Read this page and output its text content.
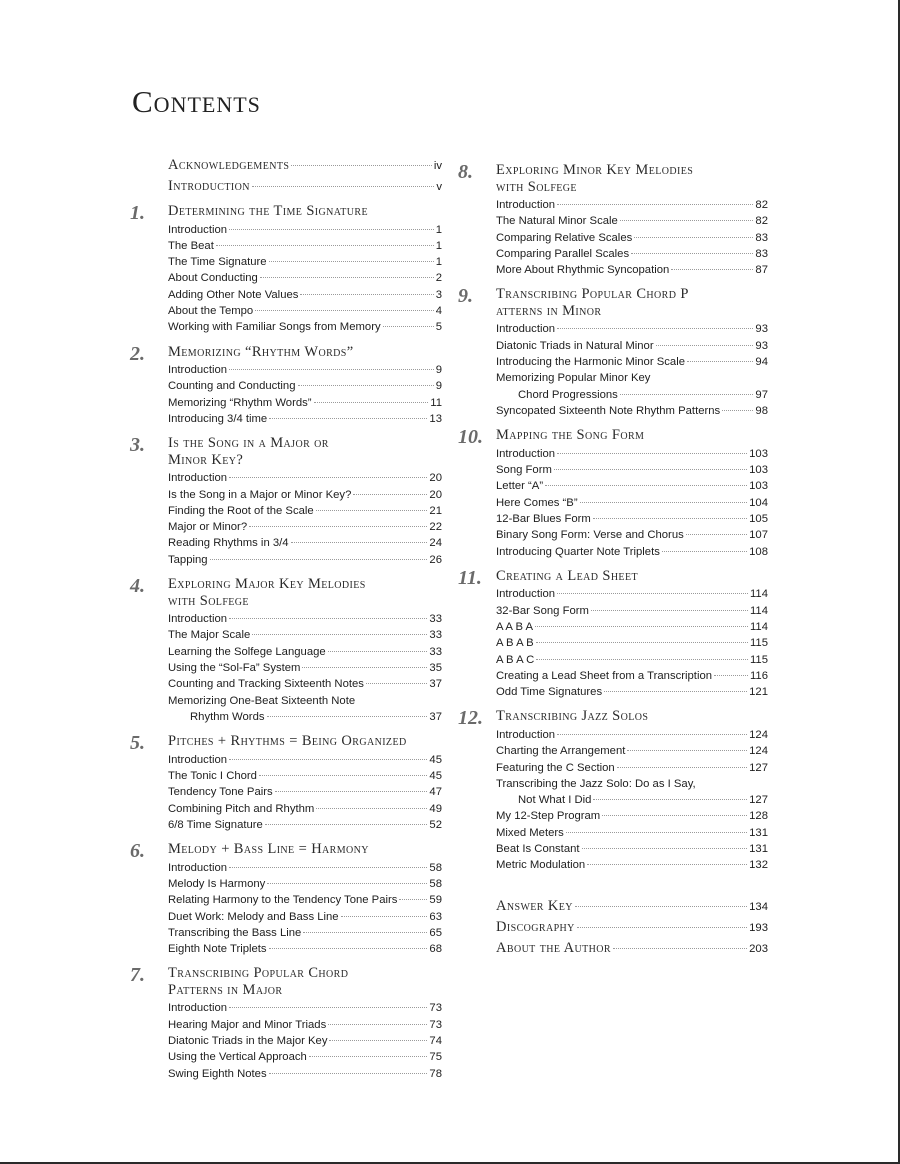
Contents
Acknowledgements	iv
Introduction	v
1.	Determining the Time Signature
Introduction	1
The Beat	1
The Time Signature	1
About Conducting	2
Adding Other Note Values	3
About the Tempo	4
Working with Familiar Songs from Memory	5
2.	Memorizing “Rhythm Words”
Introduction	9
Counting and Conducting	9
Memorizing “Rhythm Words”	11
Introducing 3/4 time	13
3.	Is the Song in a Major or
Minor Key?
Introduction	20
Is the Song in a Major or Minor Key?	20
Finding the Root of the Scale	21
Major or Minor?	22
Reading Rhythms in 3/4	24
Tapping	26
4.	Exploring Major Key Melodies
with Solfege
Introduction	33
The Major Scale	33
Learning the Solfege Language	33
Using the “Sol-Fa” System	35
Counting and Tracking Sixteenth Notes	37
Memorizing One-Beat Sixteenth Note
Rhythm Words	37
5.	Pitches + Rhythms = Being Organized
Introduction	45
The Tonic I Chord	45
Tendency Tone Pairs	47
Combining Pitch and Rhythm	49
6/8 Time Signature	52
6.	Melody + Bass Line = Harmony
Introduction	58
Melody Is Harmony	58
Relating Harmony to the Tendency Tone Pairs	59
Duet Work: Melody and Bass Line	63
Transcribing the Bass Line	65
Eighth Note Triplets	68
7.	Transcribing Popular Chord
Patterns in Major
Introduction	73
Hearing Major and Minor Triads	73
Diatonic Triads in the Major Key	74
Using the Vertical Approach	75
Swing Eighth Notes	78
8.	Exploring Minor Key Melodies
with Solfege
Introduction	82
The Natural Minor Scale	82
Comparing Relative Scales	83
Comparing Parallel Scales	83
More About Rhythmic Syncopation	87
9.	Transcribing Popular Chord P
atterns in Minor
Introduction	93
Diatonic Triads in Natural Minor	93
Introducing the Harmonic Minor Scale	94
Memorizing Popular Minor Key
Chord Progressions	97
Syncopated Sixteenth Note Rhythm Patterns	98
10. Mapping the Song Form
Introduction	103
Song Form	103
Letter “A”	103
Here Comes “B”	104
12-Bar Blues Form	105
Binary Song Form: Verse and Chorus	107
Introducing Quarter Note Triplets	108
11. Creating a Lead Sheet
Introduction	114
32-Bar Song Form	114
A A B A	114
A B A B	115
A B A C	115
Creating a Lead Sheet from a Transcription	116
Odd Time Signatures	121
12. Transcribing Jazz Solos
Introduction	124
Charting the Arrangement	124
Featuring the C Section	127
Transcribing the Jazz Solo: Do as I Say,
Not What I Did	127
My 12-Step Program	128
Mixed Meters	131
Beat Is Constant	131
Metric Modulation	132
Answer Key	134
Discography	193
About the Author	203
